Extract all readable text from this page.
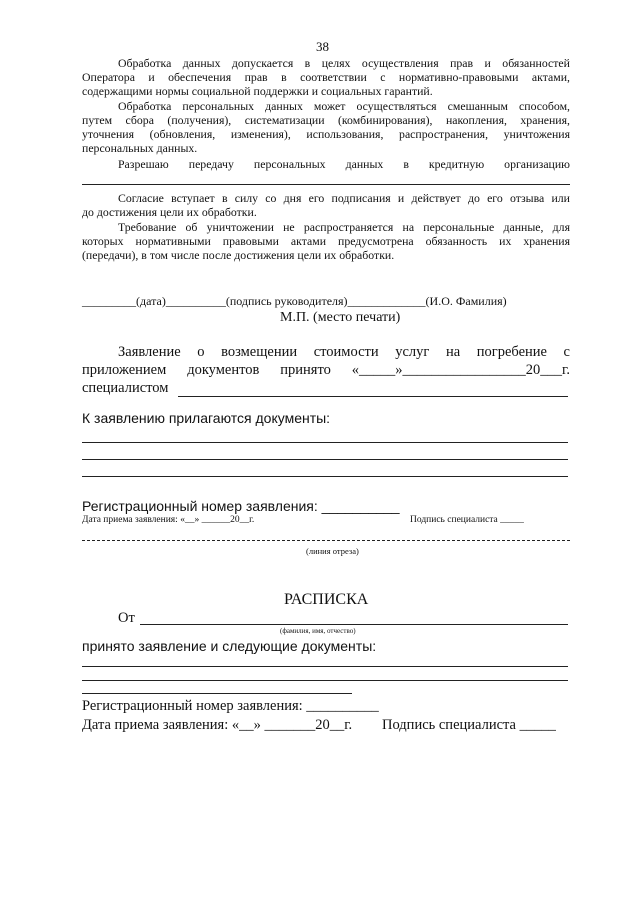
38
Обработка данных допускается в целях осуществления прав и обязанностей
Оператора и обеспечения прав в соответствии с нормативно-правовыми актами,
содержащими нормы социальной поддержки и социальных гарантий.
Обработка персональных данных может осуществляться смешанным способом,
путем сбора (получения), систематизации (комбинирования), накопления, хранения,
уточнения (обновления, изменения), использования, распространения, уничтожения
персональных данных.
Разрешаю передачу персональных данных в кредитную организацию
Согласие вступает в силу со дня его подписания и действует до его отзыва или
до достижения цели их обработки.
Требование об уничтожении не распространяется на персональные данные, для
которых нормативными правовыми актами предусмотрена обязанность их хранения
(передачи), в том числе после достижения цели их обработки.
_________(дата)__________(подпись руководителя)_____________(И.О. Фамилия)
М.П. (место печати)
Заявление о возмещении стоимости услуг на погребение с
приложением документов принято «_____»_________________20___г.
специалистом
К заявлению прилагаются документы:
Регистрационный номер заявления: __________
Дата приема заявления: «__» ______20__г.	Подпись специалиста _____
(линия отреза)
РАСПИСКА
От
(фамилия, имя, отчество)
принято заявление и следующие документы:
Регистрационный номер заявления: __________
Дата приема заявления: «__» _______20__г. Подпись специалиста _____
